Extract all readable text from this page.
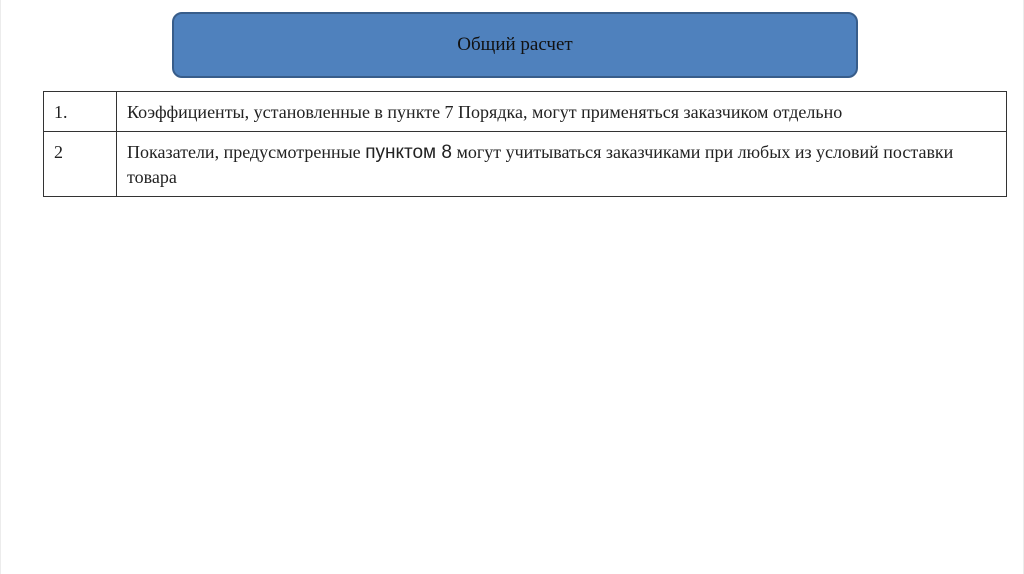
Общий расчет
1.	Коэффициенты, установленные в пункте 7 Порядка, могут применяться заказчиком отдельно
2	Показатели, предусмотренные пунктом 8 могут учитываться заказчиками при любых из условий поставки товара
